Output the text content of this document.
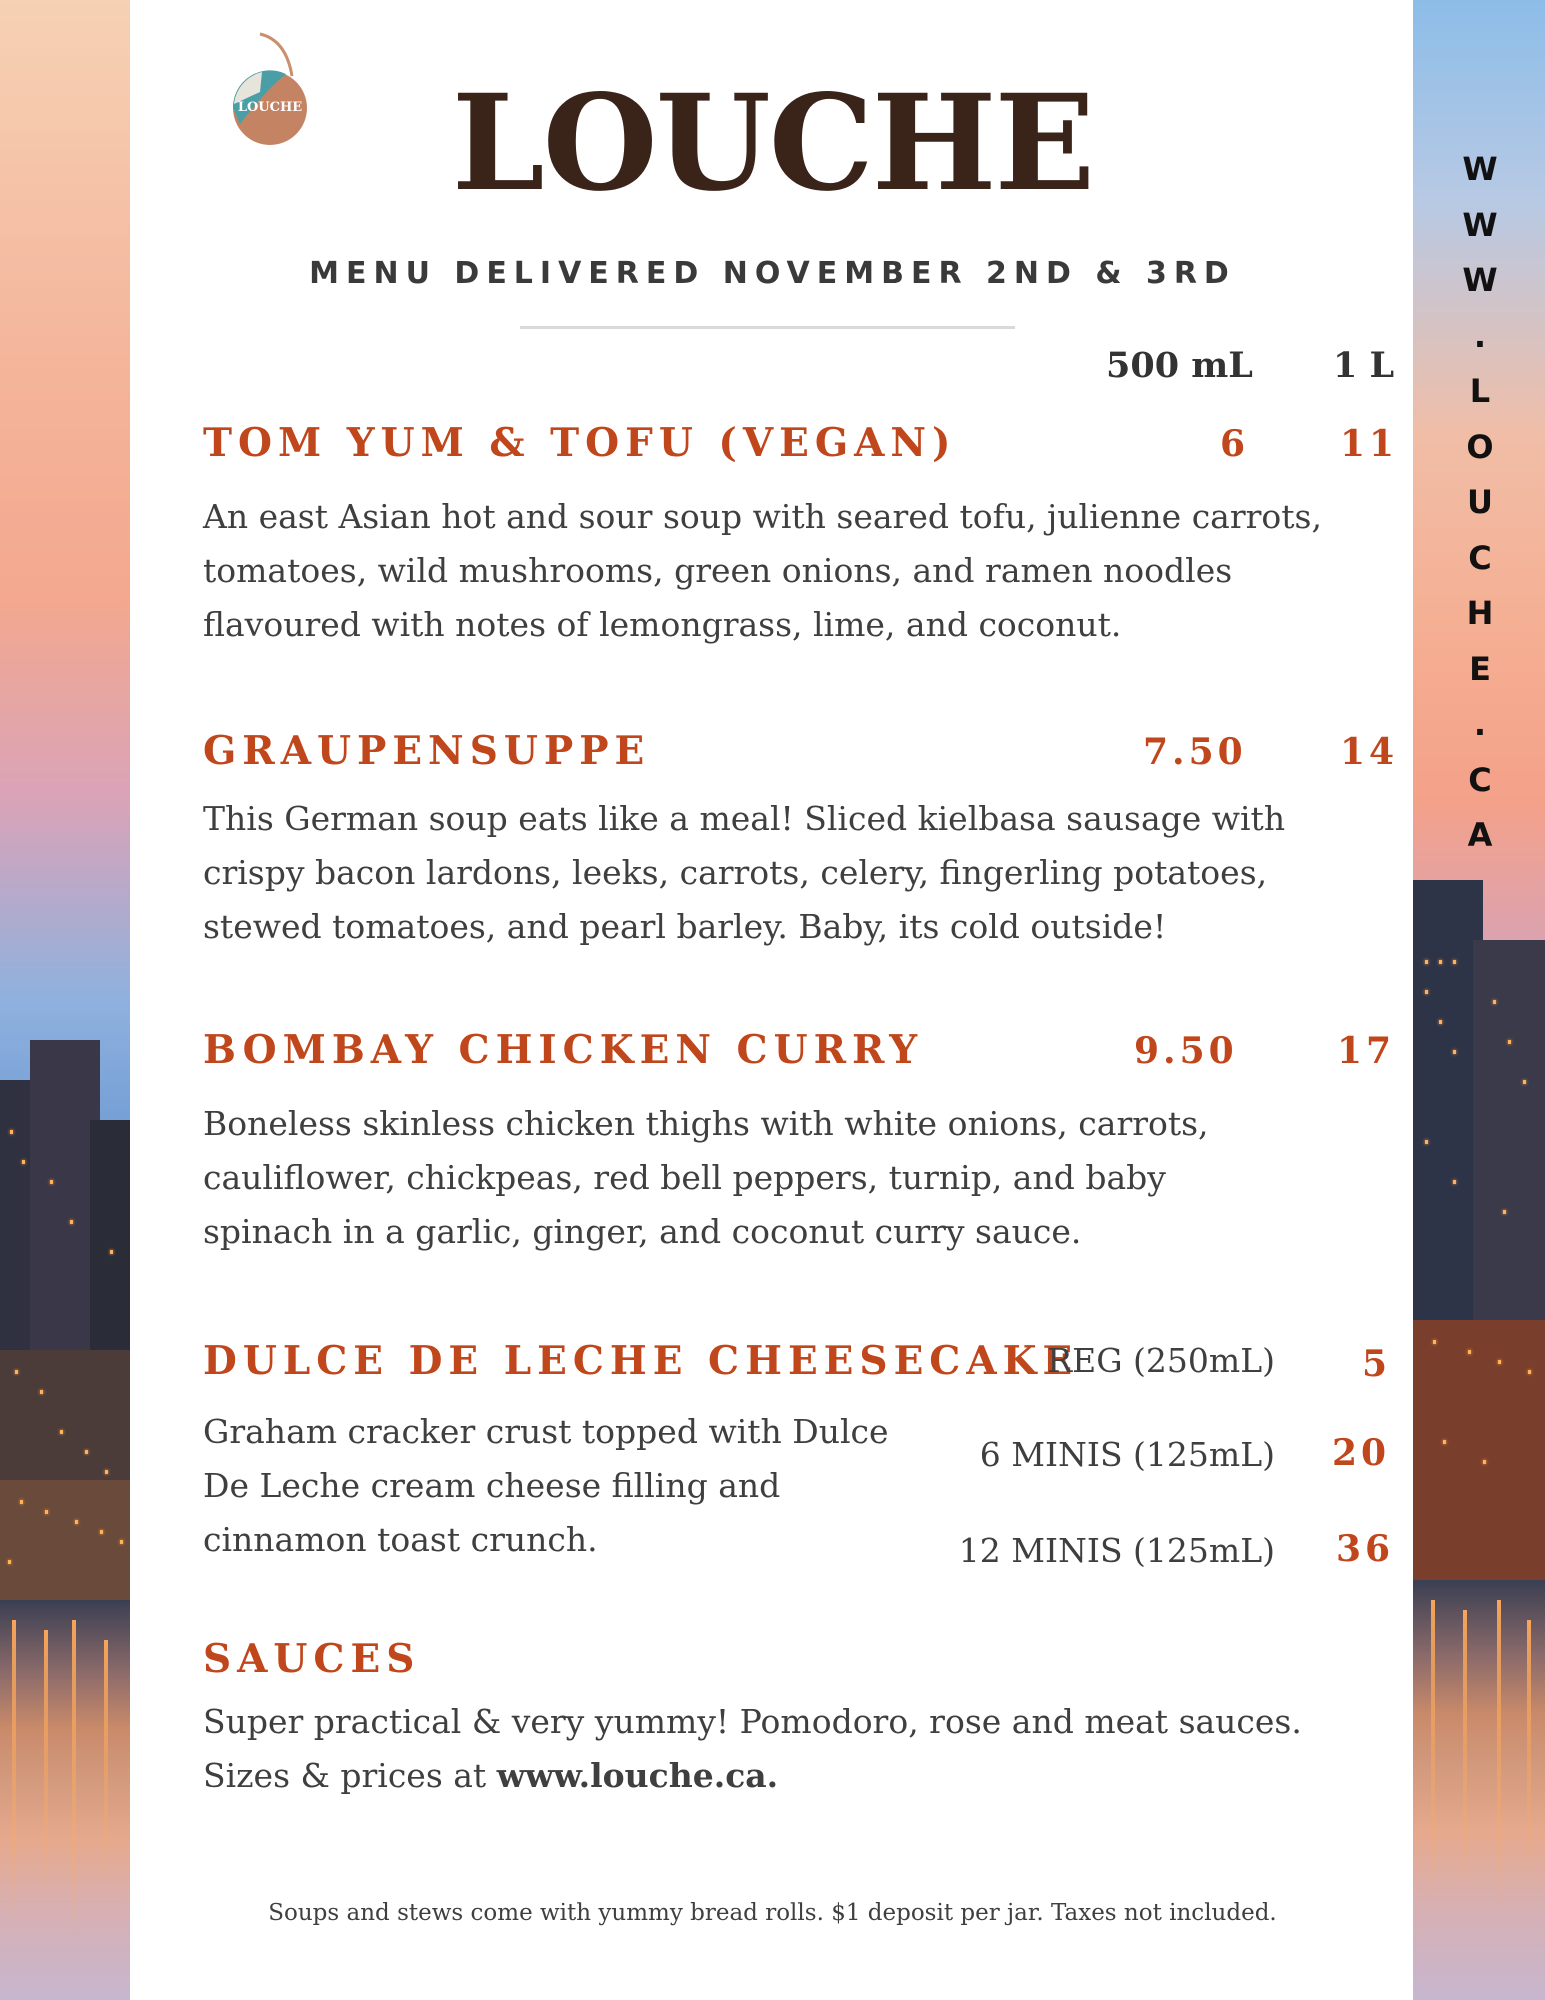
LOUCHE	LOUCHE
MENU DELIVERED NOVEMBER 2ND & 3RD
500 mL 1 L
TOM YUM & TOFU (VEGAN)	6	11

An east Asian hot and sour soup with seared tofu, julienne carrots,
tomatoes, wild mushrooms, green onions, and ramen noodles
flavoured with notes of lemongrass, lime, and coconut.

GRAUPENSUPPE	7.50	14

This German soup eats like a meal! Sliced kielbasa sausage with
crispy bacon lardons, leeks, carrots, celery, fingerling potatoes,
stewed tomatoes, and pearl barley. Baby, its cold outside!

BOMBAY CHICKEN CURRY	9.50	17

Boneless skinless chicken thighs with white onions, carrots,
cauliflower, chickpeas, red bell peppers, turnip, and baby
spinach in a garlic, ginger, and coconut curry sauce.

DULCE DE LECHE CHEESECAKE

Graham cracker crust topped with Dulce
De Leche cream cheese filling and
cinnamon toast crunch.

REG (250mL) 5
6 MINIS (125mL) 20
12 MINIS (125mL) 36
SAUCES

Super practical & very yummy! Pomodoro, rose and meat sauces.
Sizes & prices at www.louche.ca.

Soups and stews come with yummy bread rolls. $1 deposit per jar. Taxes not included.
W
W
W
.
L
O
U
C
H
E
.
C
A
